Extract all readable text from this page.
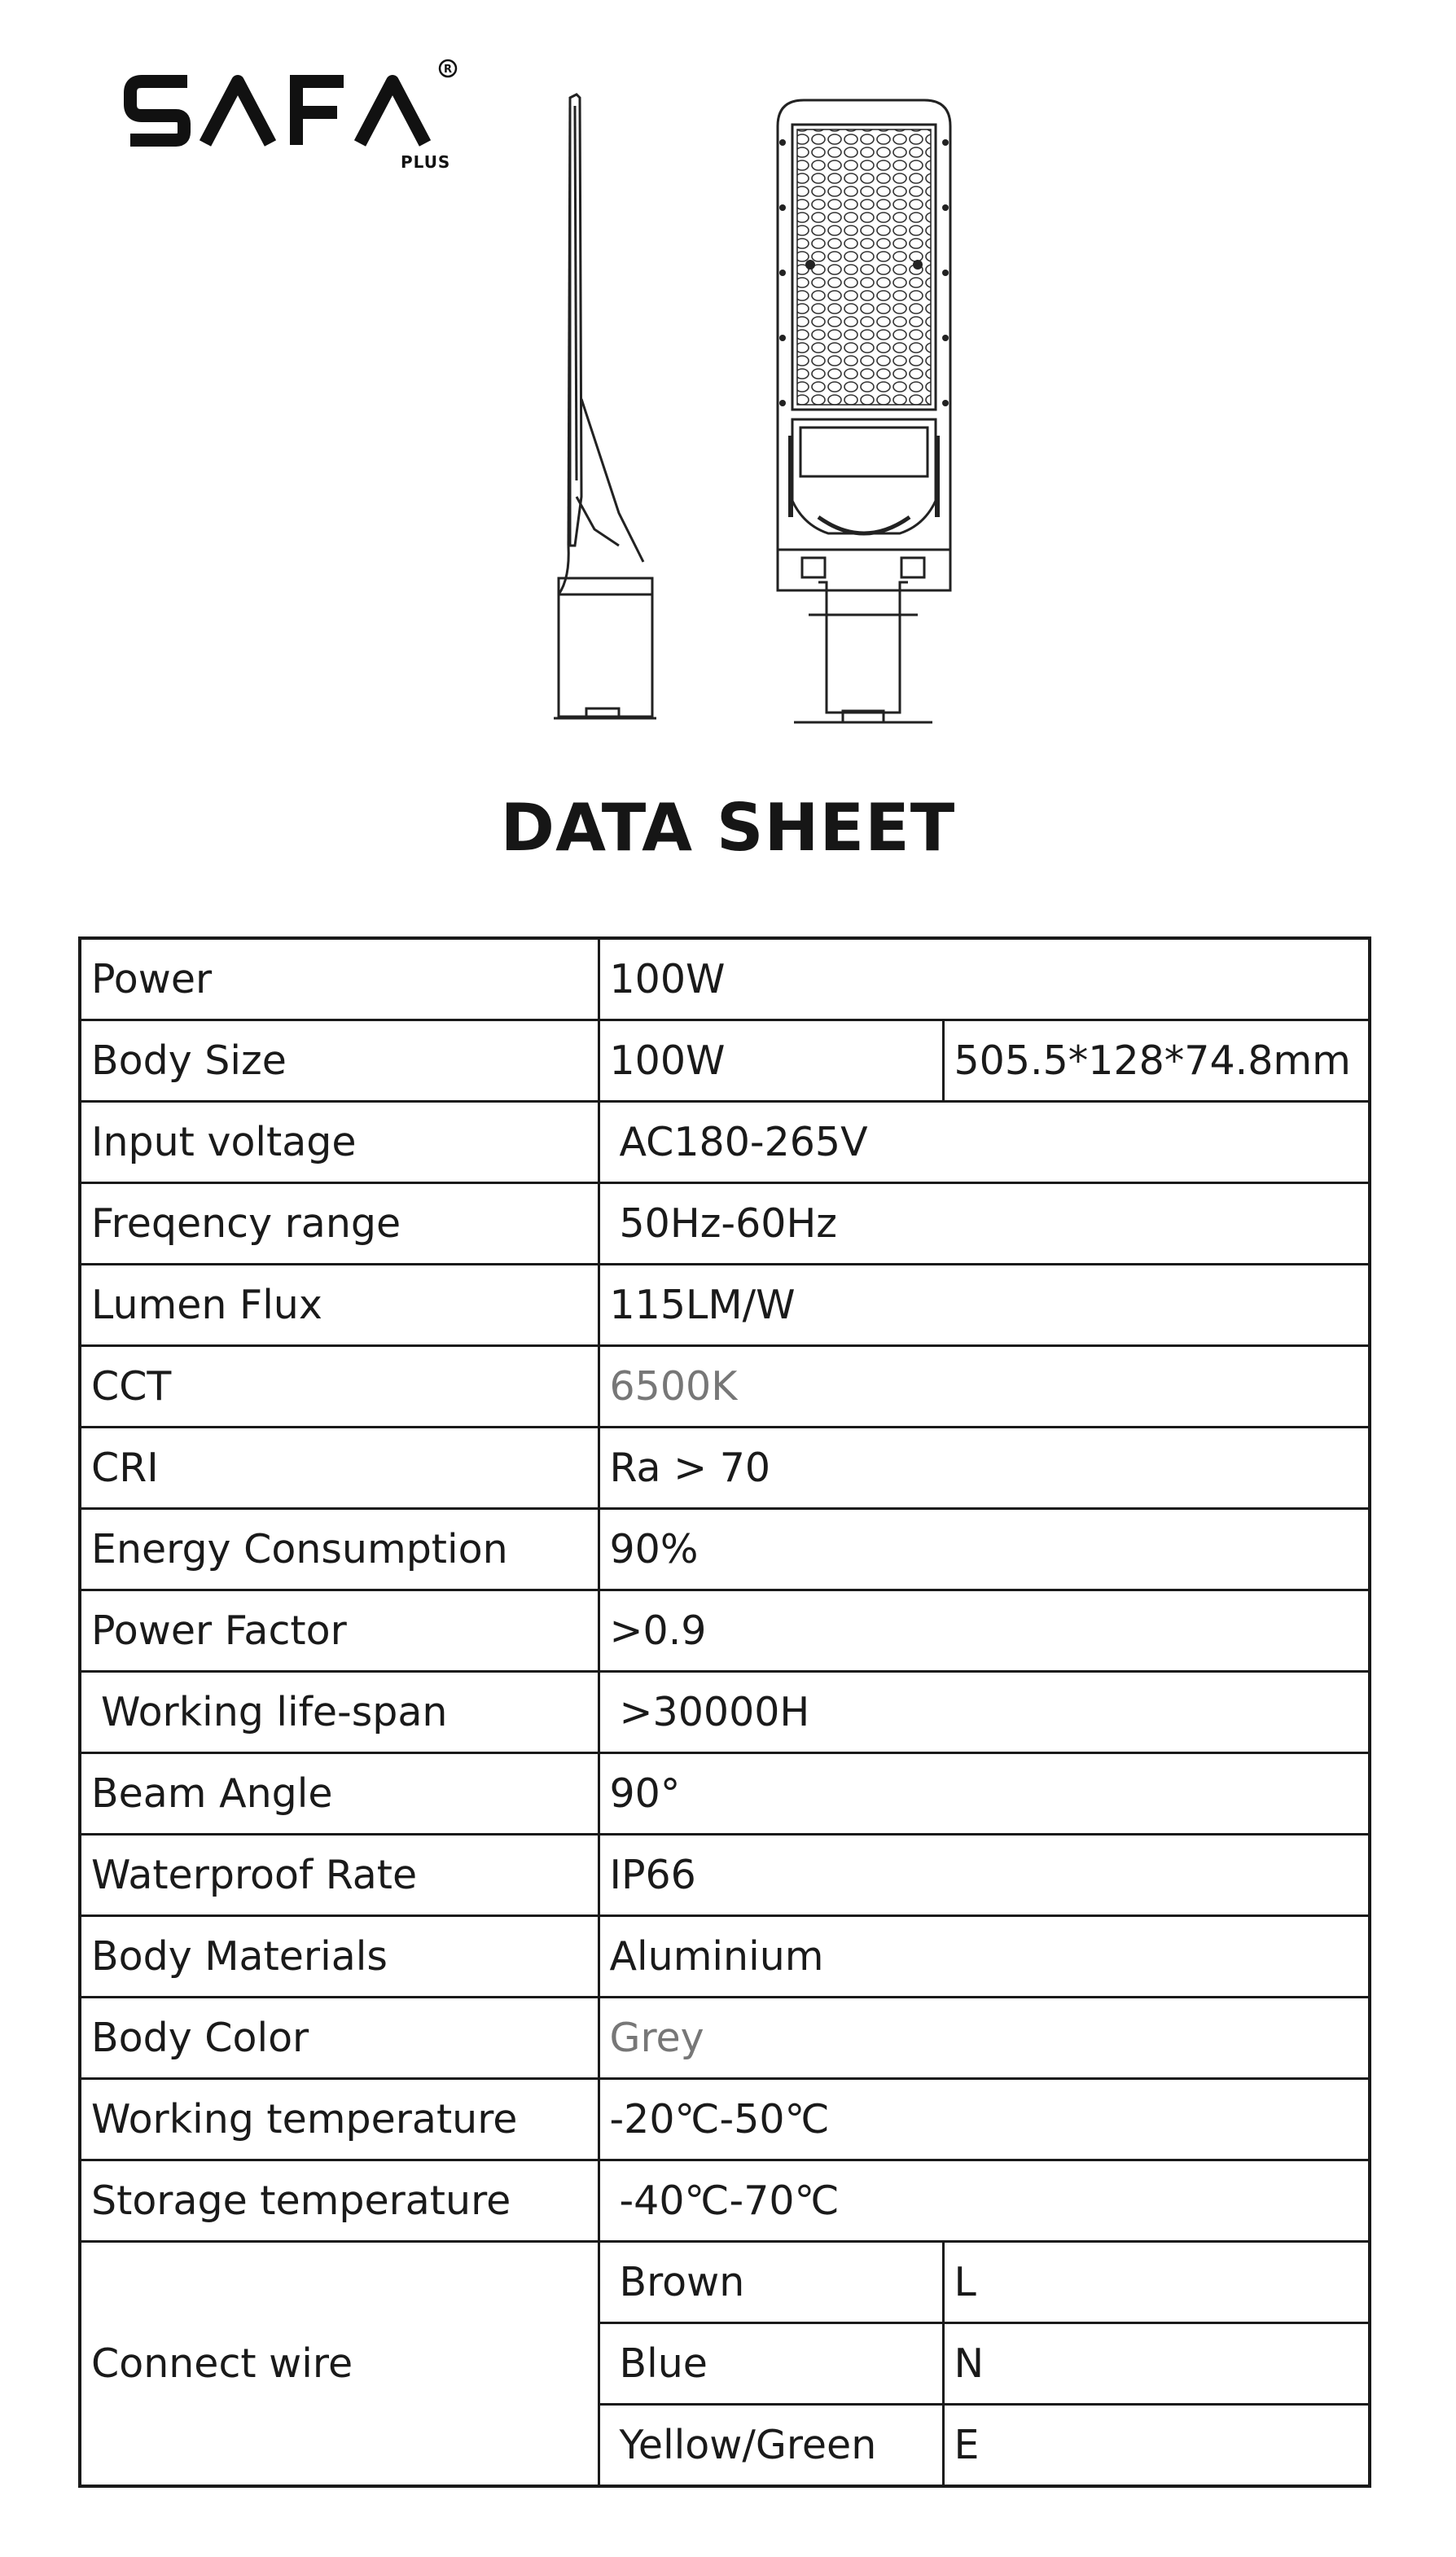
R
PLUS
DATA SHEET
Power	100W	
Body Size	100W	505.5*128*74.8mm
Input voltage	AC180-265V	
Freqency range	50Hz-60Hz	
Lumen Flux	115LM/W	
CCT	6500K	
CRI	Ra > 70	
Energy Consumption	90%	
Power Factor	>0.9	
Working life-span	>30000H	
Beam Angle	90°	
Waterproof Rate	IP66	
Body Materials	Aluminium	
Body Color	Grey	
Working temperature	-20℃-50℃	
Storage temperature	-40℃-70℃	
Connect wire	Brown	L
	Blue	N
	Yellow/Green	E
